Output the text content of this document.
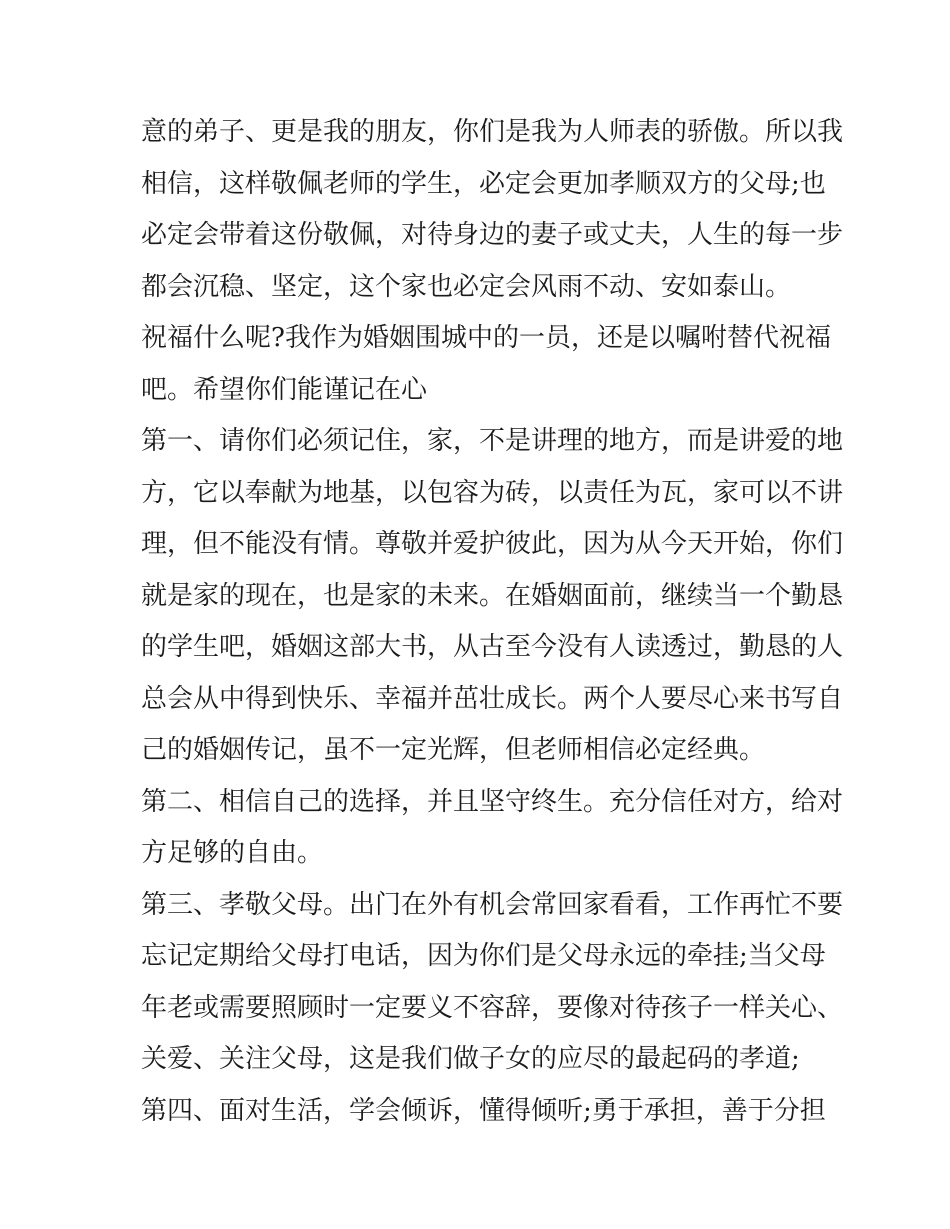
意的弟子、更是我的朋友，你们是我为人师表的骄傲。所以我
相信，这样敬佩老师的学生，必定会更加孝顺双方的父母;也
必定会带着这份敬佩，对待身边的妻子或丈夫，人生的每一步
都会沉稳、坚定，这个家也必定会风雨不动、安如泰山。
祝福什么呢?我作为婚姻围城中的一员，还是以嘱咐替代祝福
吧。希望你们能谨记在心
第一、请你们必须记住，家，不是讲理的地方，而是讲爱的地
方，它以奉献为地基，以包容为砖，以责任为瓦，家可以不讲
理，但不能没有情。尊敬并爱护彼此，因为从今天开始，你们
就是家的现在，也是家的未来。在婚姻面前，继续当一个勤恳
的学生吧，婚姻这部大书，从古至今没有人读透过，勤恳的人
总会从中得到快乐、幸福并茁壮成长。两个人要尽心来书写自
己的婚姻传记，虽不一定光辉，但老师相信必定经典。
第二、相信自己的选择，并且坚守终生。充分信任对方，给对
方足够的自由。
第三、孝敬父母。出门在外有机会常回家看看，工作再忙不要
忘记定期给父母打电话，因为你们是父母永远的牵挂;当父母
年老或需要照顾时一定要义不容辞，要像对待孩子一样关心、
关爱、关注父母，这是我们做子女的应尽的最起码的孝道;
第四、面对生活，学会倾诉，懂得倾听;勇于承担，善于分担
